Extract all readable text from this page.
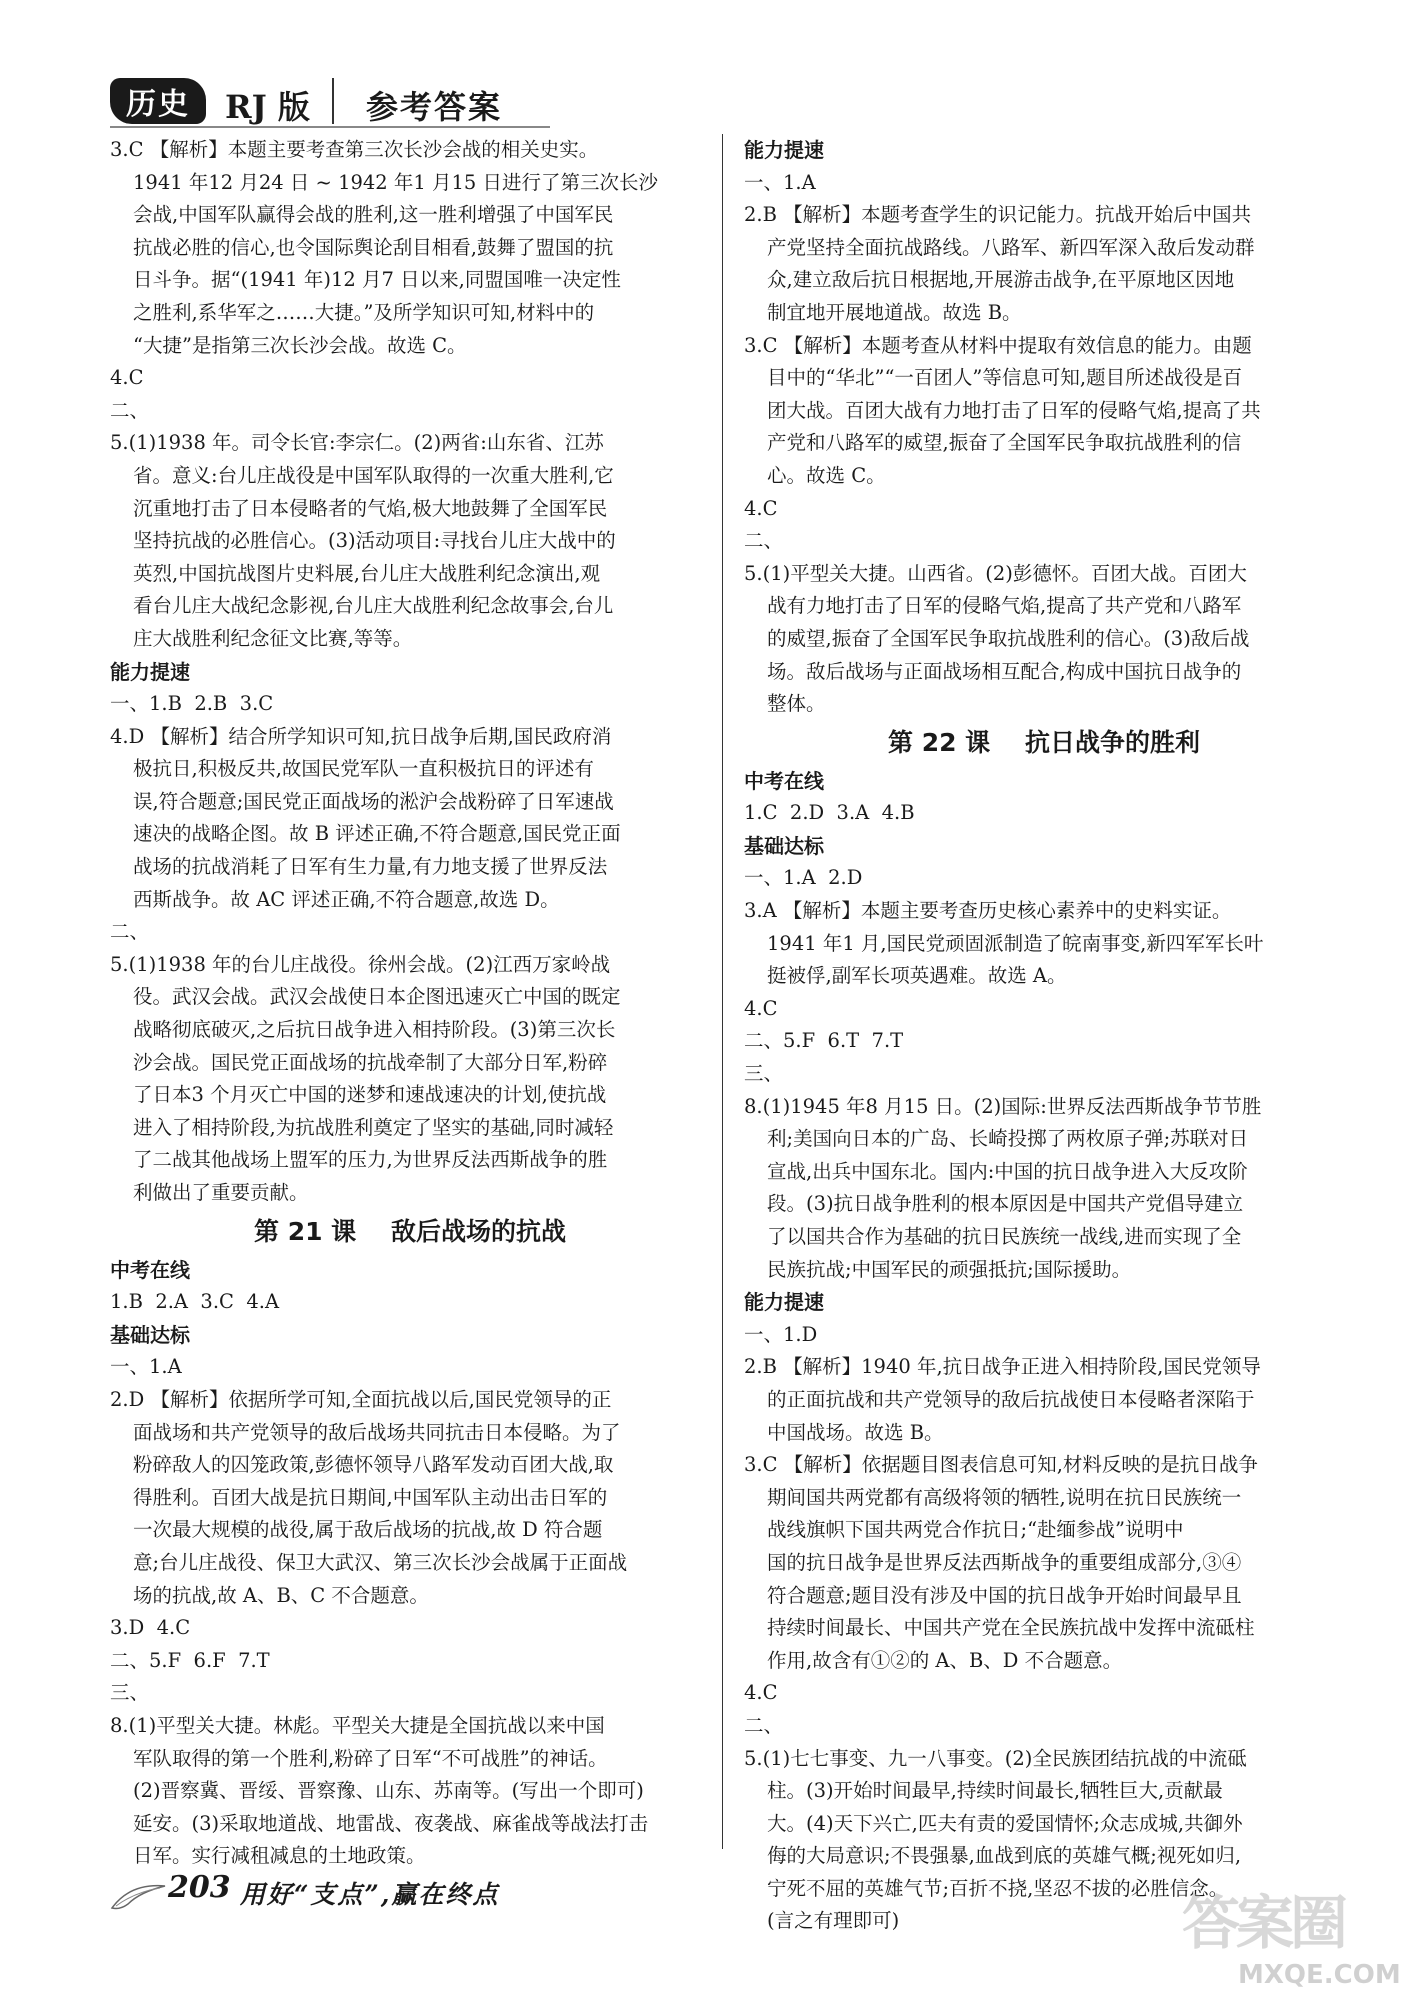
历史	RJ 版 参考答案
3.C 【解析】本题主要考查第三次长沙会战的相关史实。
1941 年12 月24 日 ~ 1942 年1 月15 日进行了第三次长沙
会战,中国军队赢得会战的胜利,这一胜利增强了中国军民
抗战必胜的信心,也令国际舆论刮目相看,鼓舞了盟国的抗
日斗争。据“(1941 年)12 月7 日以来,同盟国唯一决定性
之胜利,系华军之……大捷。”及所学知识可知,材料中的
“大捷”是指第三次长沙会战。故选 C。
4.C
二、
5.(1)1938 年。司令长官:李宗仁。(2)两省:山东省、江苏
省。意义:台儿庄战役是中国军队取得的一次重大胜利,它
沉重地打击了日本侵略者的气焰,极大地鼓舞了全国军民
坚持抗战的必胜信心。(3)活动项目:寻找台儿庄大战中的
英烈,中国抗战图片史料展,台儿庄大战胜利纪念演出,观
看台儿庄大战纪念影视,台儿庄大战胜利纪念故事会,台儿
庄大战胜利纪念征文比赛,等等。
能力提速
一、1.B  2.B  3.C
4.D 【解析】结合所学知识可知,抗日战争后期,国民政府消
极抗日,积极反共,故国民党军队一直积极抗日的评述有
误,符合题意;国民党正面战场的淞沪会战粉碎了日军速战
速决的战略企图。故 B 评述正确,不符合题意,国民党正面
战场的抗战消耗了日军有生力量,有力地支援了世界反法
西斯战争。故 AC 评述正确,不符合题意,故选 D。
二、
5.(1)1938 年的台儿庄战役。徐州会战。(2)江西万家岭战
役。武汉会战。武汉会战使日本企图迅速灭亡中国的既定
战略彻底破灭,之后抗日战争进入相持阶段。(3)第三次长
沙会战。国民党正面战场的抗战牵制了大部分日军,粉碎
了日本3 个月灭亡中国的迷梦和速战速决的计划,使抗战
进入了相持阶段,为抗战胜利奠定了坚实的基础,同时减轻
了二战其他战场上盟军的压力,为世界反法西斯战争的胜
利做出了重要贡献。
第 21 课    敌后战场的抗战
中考在线
1.B  2.A  3.C  4.A
基础达标
一、1.A
2.D 【解析】依据所学可知,全面抗战以后,国民党领导的正
面战场和共产党领导的敌后战场共同抗击日本侵略。为了
粉碎敌人的囚笼政策,彭德怀领导八路军发动百团大战,取
得胜利。百团大战是抗日期间,中国军队主动出击日军的
一次最大规模的战役,属于敌后战场的抗战,故 D 符合题
意;台儿庄战役、保卫大武汉、第三次长沙会战属于正面战
场的抗战,故 A、B、C 不合题意。
3.D  4.C
二、5.F  6.F  7.T
三、
8.(1)平型关大捷。林彪。平型关大捷是全国抗战以来中国
军队取得的第一个胜利,粉碎了日军“不可战胜”的神话。
(2)晋察冀、晋绥、晋察豫、山东、苏南等。(写出一个即可)
延安。(3)采取地道战、地雷战、夜袭战、麻雀战等战法打击
日军。实行减租减息的土地政策。
能力提速
一、1.A
2.B 【解析】本题考查学生的识记能力。抗战开始后中国共
产党坚持全面抗战路线。八路军、新四军深入敌后发动群
众,建立敌后抗日根据地,开展游击战争,在平原地区因地
制宜地开展地道战。故选 B。
3.C 【解析】本题考查从材料中提取有效信息的能力。由题
目中的“华北”“一百团人”等信息可知,题目所述战役是百
团大战。百团大战有力地打击了日军的侵略气焰,提高了共
产党和八路军的威望,振奋了全国军民争取抗战胜利的信
心。故选 C。
4.C
二、
5.(1)平型关大捷。山西省。(2)彭德怀。百团大战。百团大
战有力地打击了日军的侵略气焰,提高了共产党和八路军
的威望,振奋了全国军民争取抗战胜利的信心。(3)敌后战
场。敌后战场与正面战场相互配合,构成中国抗日战争的
整体。
第 22 课    抗日战争的胜利
中考在线
1.C  2.D  3.A  4.B
基础达标
一、1.A  2.D
3.A 【解析】本题主要考查历史核心素养中的史料实证。
1941 年1 月,国民党顽固派制造了皖南事变,新四军军长叶
挺被俘,副军长项英遇难。故选 A。
4.C
二、5.F  6.T  7.T
三、
8.(1)1945 年8 月15 日。(2)国际:世界反法西斯战争节节胜
利;美国向日本的广岛、长崎投掷了两枚原子弹;苏联对日
宣战,出兵中国东北。国内:中国的抗日战争进入大反攻阶
段。(3)抗日战争胜利的根本原因是中国共产党倡导建立
了以国共合作为基础的抗日民族统一战线,进而实现了全
民族抗战;中国军民的顽强抵抗;国际援助。
能力提速
一、1.D
2.B 【解析】1940 年,抗日战争正进入相持阶段,国民党领导
的正面抗战和共产党领导的敌后抗战使日本侵略者深陷于
中国战场。故选 B。
3.C 【解析】依据题目图表信息可知,材料反映的是抗日战争
期间国共两党都有高级将领的牺牲,说明在抗日民族统一
战线旗帜下国共两党合作抗日;“赴缅参战”说明中
国的抗日战争是世界反法西斯战争的重要组成部分,③④
符合题意;题目没有涉及中国的抗日战争开始时间最早且
持续时间最长、中国共产党在全民族抗战中发挥中流砥柱
作用,故含有①②的 A、B、D 不合题意。
4.C
二、
5.(1)七七事变、九一八事变。(2)全民族团结抗战的中流砥
柱。(3)开始时间最早,持续时间最长,牺牲巨大,贡献最
大。(4)天下兴亡,匹夫有责的爱国情怀;众志成城,共御外
侮的大局意识;不畏强暴,血战到底的英雄气概;视死如归,
宁死不屈的英雄气节;百折不挠,坚忍不拔的必胜信念。
(言之有理即可)
203 用好“支点”,赢在终点	答案圈
MXQE.COM
